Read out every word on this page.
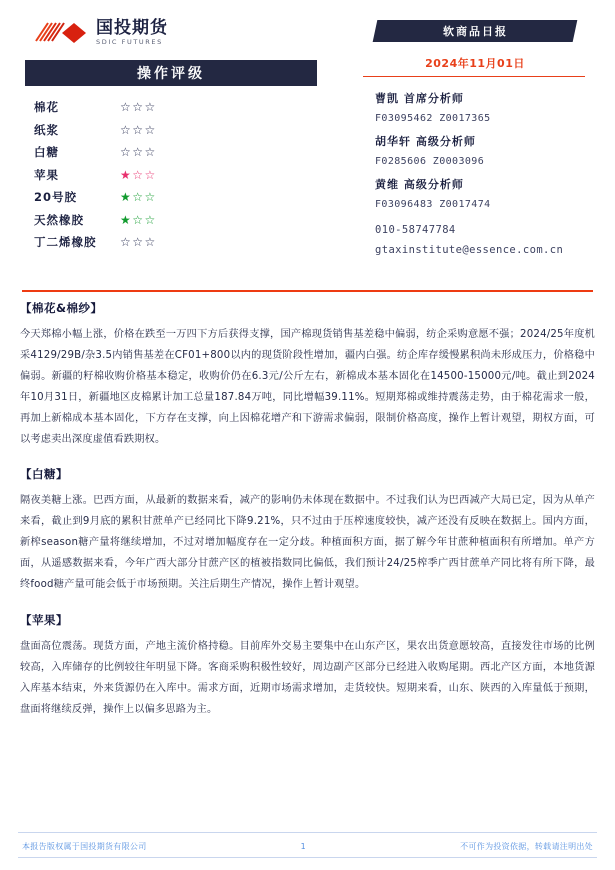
国投期货
SDIC FUTURES
操作评级
棉花	☆☆☆
纸浆	☆☆☆
白糖	☆☆☆
苹果	★☆☆
20号胶	★☆☆
天然橡胶	★☆☆
丁二烯橡胶	☆☆☆
软商品日报
2024年11月01日
曹凯 首席分析师
F03095462 Z0017365
胡华轩 高级分析师
F0285606 Z0003096
黄维 高级分析师
F03096483 Z0017474
010-58747784
gtaxinstitute@essence.com.cn
【棉花&棉纱】

今天郑棉小幅上涨，价格在跌至一万四下方后获得支撑，国产棉现货销售基差稳中偏弱，纺企采购意愿不强；2024/25年度机采4129/29B/杂3.5内销售基差在CF01+800以内的现货阶段性增加，疆内白强。纺企库存缓慢累积尚未形成压力，价格稳中偏弱。新疆的籽棉收购价格基本稳定，收购价仍在6.3元/公斤左右，新棉成本基本固化在14500-15000元/吨。截止到2024年10月31日，新疆地区皮棉累计加工总量187.84万吨，同比增幅39.11%。短期郑棉或维持震荡走势，由于棉花需求一般，再加上新棉成本基本固化，下方存在支撑，向上因棉花增产和下游需求偏弱，限制价格高度，操作上暂计观望，期权方面，可以考虑卖出深度虚值看跌期权。

【白糖】

隔夜美糖上涨。巴西方面，从最新的数据来看，减产的影响仍未体现在数据中。不过我们认为巴西减产大局已定，因为从单产来看，截止到9月底的累积甘蔗单产已经同比下降9.21%，只不过由于压榨速度较快，减产还没有反映在数据上。国内方面，新榨season糖产量将继续增加，不过对增加幅度存在一定分歧。种植面积方面，据了解今年甘蔗种植面积有所增加。单产方面，从遥感数据来看，今年广西大部分甘蔗产区的植被指数同比偏低，我们预计24/25榨季广西甘蔗单产同比将有所下降，最终food糖产量可能会低于市场预期。关注后期生产情况，操作上暂计观望。

【苹果】

盘面高位震荡。现货方面，产地主流价格持稳。目前库外交易主要集中在山东产区，果农出货意愿较高，直接发往市场的比例较高，入库储存的比例较往年明显下降。客商采购积极性较好，周边副产区部分已经进入收购尾期。西北产区方面，本地货源入库基本结束，外来货源仍在入库中。需求方面，近期市场需求增加，走货较快。短期来看，山东、陕西的入库量低于预期，盘面将继续反弹，操作上以偏多思路为主。

本报告版权属于国投期货有限公司	1	不可作为投资依据，转载请注明出处
